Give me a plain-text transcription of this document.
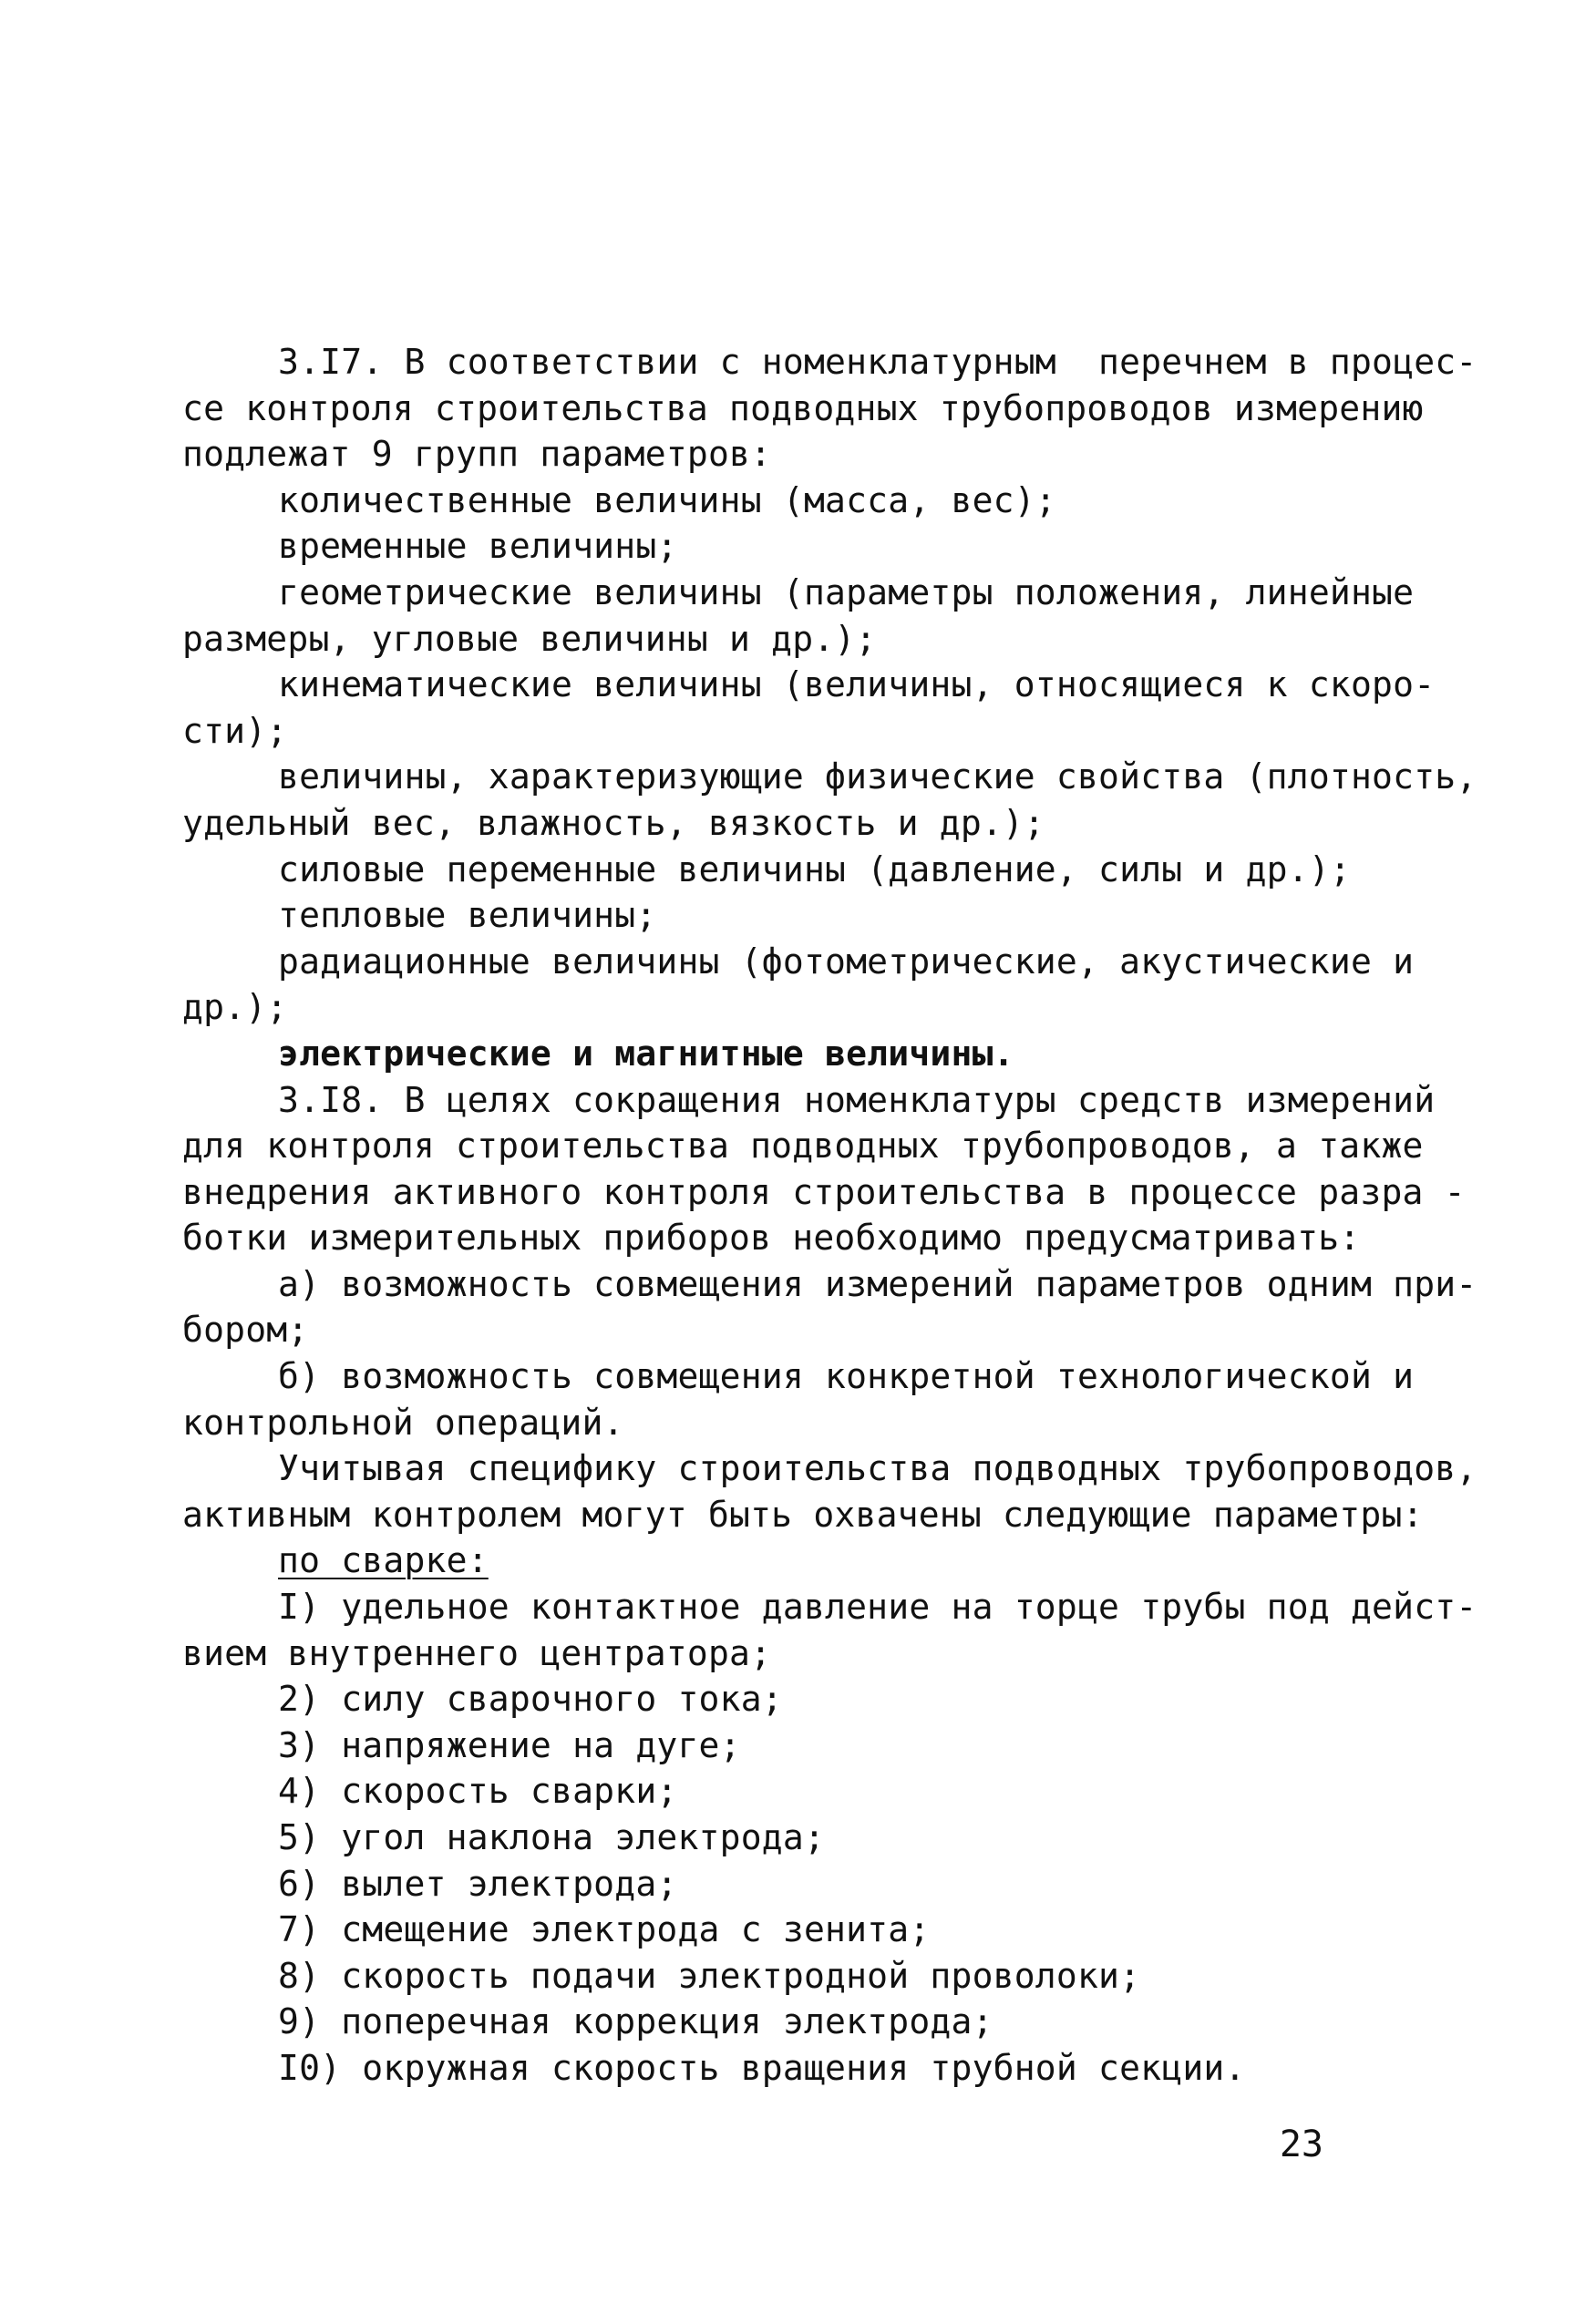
3.I7. В соответствии с номенклатурным  перечнем в процес-
се контроля строительства подводных трубопроводов измерению
подлежат 9 групп параметров:
количественные величины (масса, вес);
временные величины;
геометрические величины (параметры положения, линейные
размеры, угловые величины и др.);
кинематические величины (величины, относящиеся к скоро-
сти);
величины, характеризующие физические свойства (плотность,
удельный вес, влажность, вязкость и др.);
силовые переменные величины (давление, силы и др.);
тепловые величины;
радиационные величины (фотометрические, акустические и
др.);
электрические и магнитные величины.
3.I8. В целях сокращения номенклатуры средств измерений
для контроля строительства подводных трубопроводов, а также
внедрения активного контроля строительства в процессе разра -
ботки измерительных приборов необходимо предусматривать:
а) возможность совмещения измерений параметров одним при-
бором;
б) возможность совмещения конкретной технологической и
контрольной операций.
Учитывая специфику строительства подводных трубопроводов,
активным контролем могут быть охвачены следующие параметры:
по сварке:
I) удельное контактное давление на торце трубы под дейст-
вием внутреннего центратора;
2) силу сварочного тока;
3) напряжение на дуге;
4) скорость сварки;
5) угол наклона электрода;
6) вылет электрода;
7) смещение электрода с зенита;
8) скорость подачи электродной проволоки;
9) поперечная коррекция электрода;
I0) окружная скорость вращения трубной секции.
23
